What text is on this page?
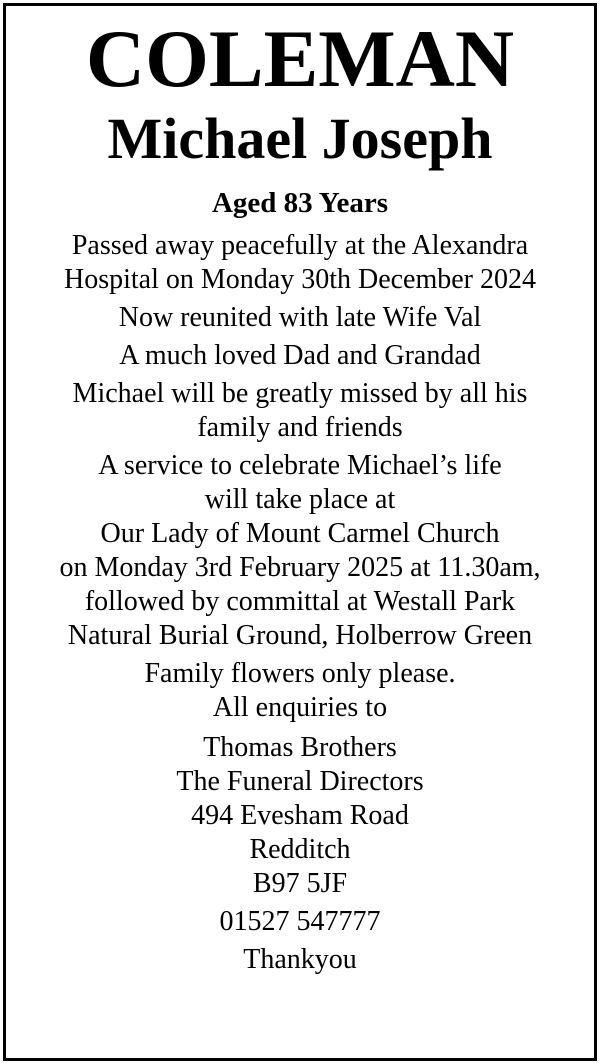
COLEMAN
Michael Joseph
Aged 83 Years
Passed away peacefully at the Alexandra
Hospital on Monday 30th December 2024
Now reunited with late Wife Val
A much loved Dad and Grandad
Michael will be greatly missed by all his
family and friends
A service to celebrate Michael’s life
will take place at
Our Lady of Mount Carmel Church
on Monday 3rd February 2025 at 11.30am,
followed by committal at Westall Park
Natural Burial Ground, Holberrow Green
Family flowers only please.
All enquiries to
Thomas Brothers
The Funeral Directors
494 Evesham Road
Redditch
B97 5JF
01527 547777
Thankyou
